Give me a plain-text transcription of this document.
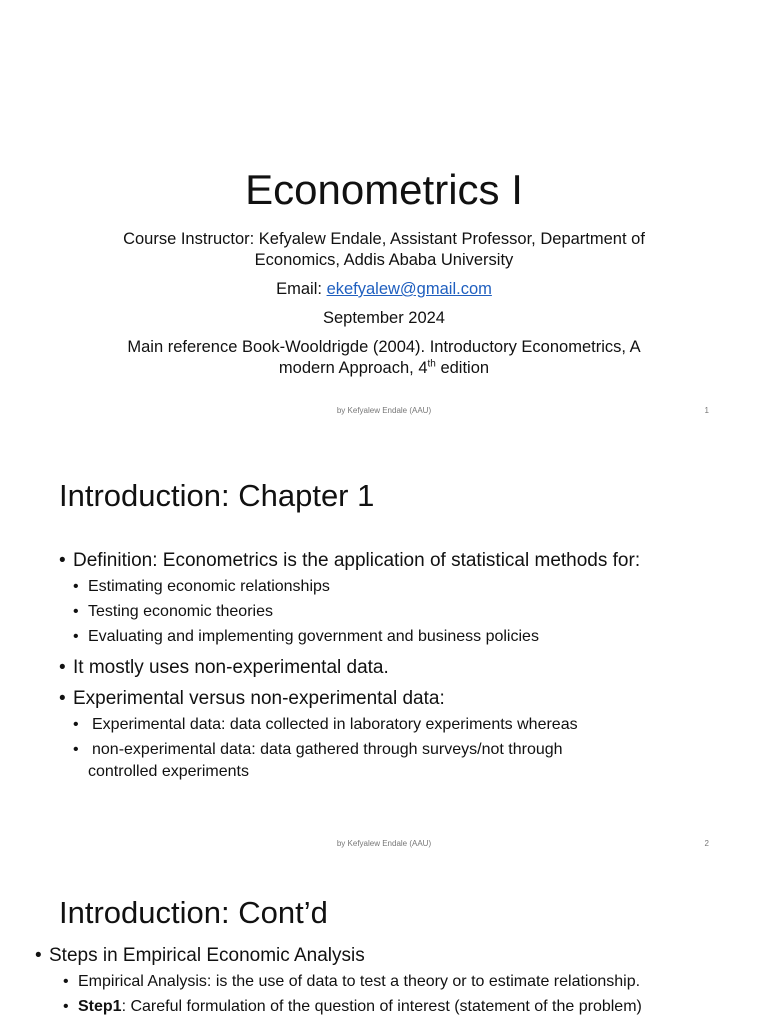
Econometrics I

Course Instructor: Kefyalew Endale, Assistant Professor, Department of Economics, Addis Ababa University

Email: ekefyalew@gmail.com

September 2024

Main reference Book-Wooldrigde (2004). Introductory Econometrics, A modern Approach, 4th edition

by Kefyalew Endale (AAU)	1
Introduction: Chapter 1
• Definition: Econometrics is the application of statistical methods for:
• Estimating economic relationships
• Testing economic theories
• Evaluating and implementing government and business policies
• It mostly uses non-experimental data.
• Experimental versus non-experimental data:
• Experimental data: data collected in laboratory experiments whereas
• non-experimental data: data gathered through surveys/not through
controlled experiments
by Kefyalew Endale (AAU)	2
Introduction: Cont’d
• Steps in Empirical Economic Analysis
• Empirical Analysis: is the use of data to test a theory or to estimate relationship.
• Step1: Careful formulation of the question of interest (statement of the problem)
